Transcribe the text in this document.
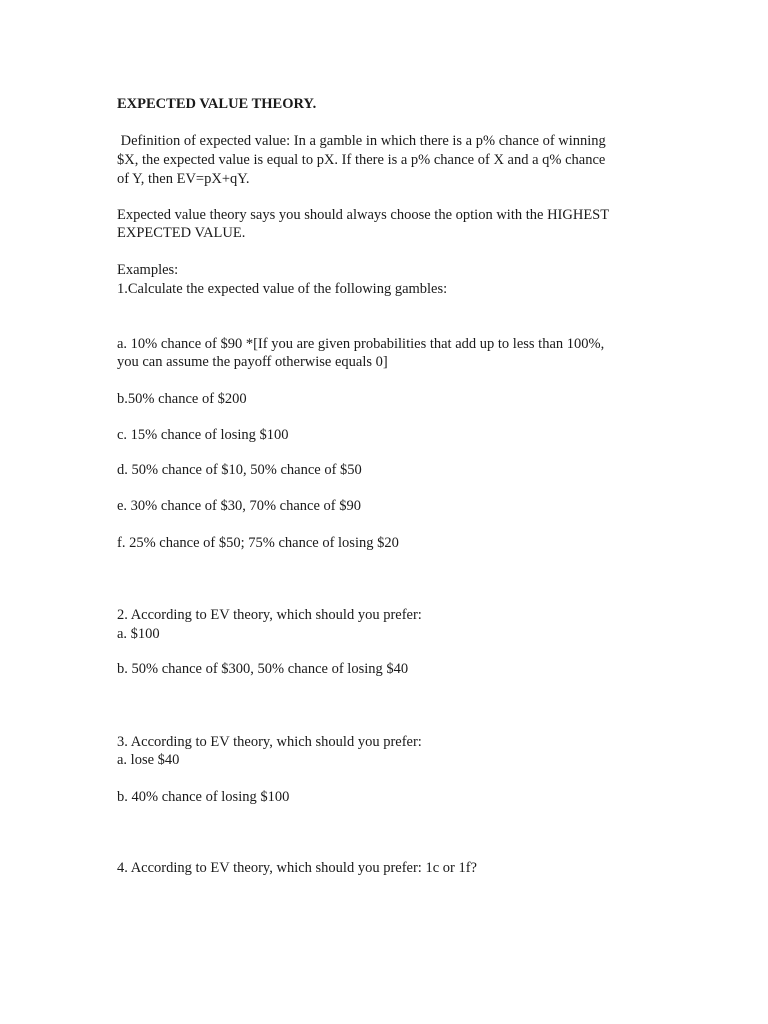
EXPECTED VALUE THEORY.
Definition of expected value: In a gamble in which there is a p% chance of winning
$X, the expected value is equal to pX. If there is a p% chance of X and a q% chance
of Y, then EV=pX+qY.
Expected value theory says you should always choose the option with the HIGHEST
EXPECTED VALUE.
Examples:
1.Calculate the expected value of the following gambles:
a. 10% chance of $90 *[If you are given probabilities that add up to less than 100%,
you can assume the payoff otherwise equals 0]
b.50% chance of $200
c. 15% chance of losing $100
d. 50% chance of $10, 50% chance of $50
e. 30% chance of $30, 70% chance of $90
f. 25% chance of $50; 75% chance of losing $20
2. According to EV theory, which should you prefer:
a. $100
b. 50% chance of $300, 50% chance of losing $40
3. According to EV theory, which should you prefer:
a. lose $40
b. 40% chance of losing $100
4. According to EV theory, which should you prefer: 1c or 1f?
